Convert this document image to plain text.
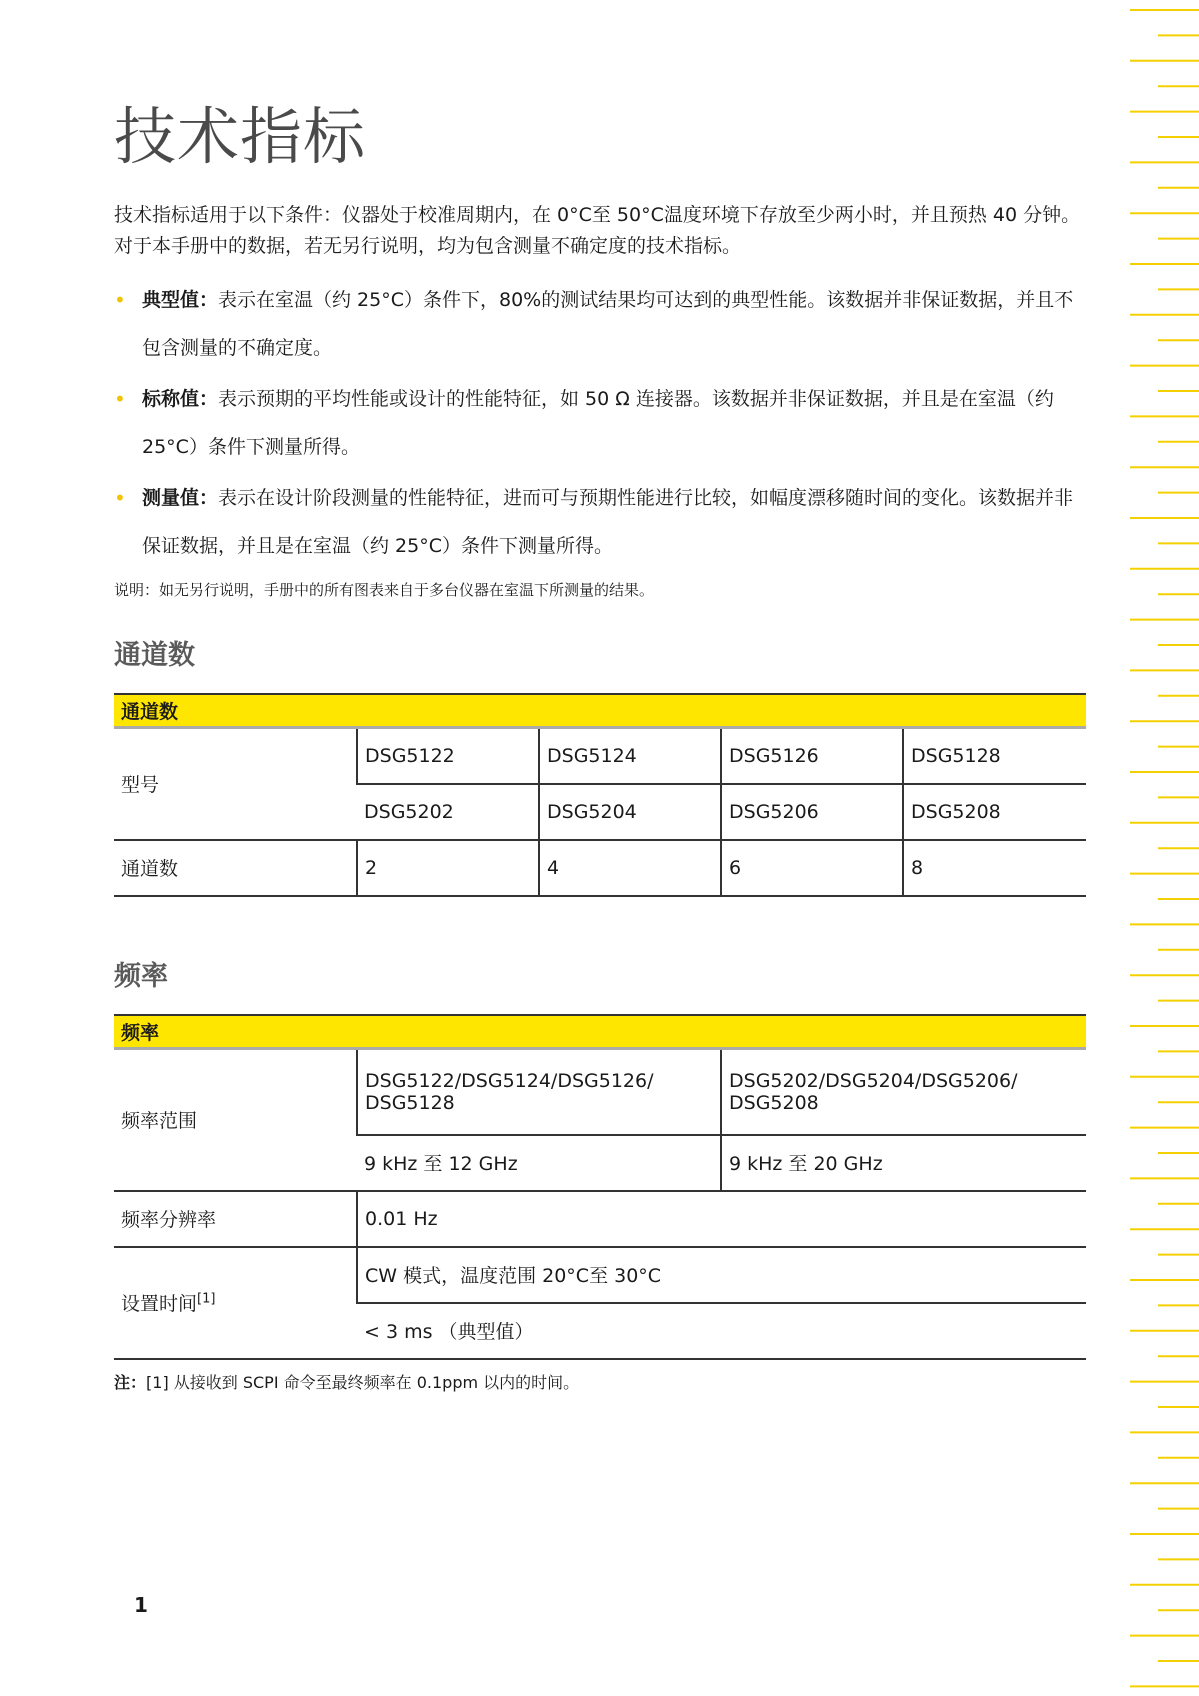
技术指标

技术指标适用于以下条件：仪器处于校准周期内，在 0°C至 50°C温度环境下存放至少两小时，并且预热 40 分钟。对于本手册中的数据，若无另行说明，均为包含测量不确定度的技术指标。

• 典型值：表示在室温（约 25°C）条件下，80%的测试结果均可达到的典型性能。该数据并非保证数据，并且不包含测量的不确定度。
• 标称值：表示预期的平均性能或设计的性能特征，如 50 Ω 连接器。该数据并非保证数据，并且是在室温（约 25°C）条件下测量所得。
• 测量值：表示在设计阶段测量的性能特征，进而可与预期性能进行比较，如幅度漂移随时间的变化。该数据并非保证数据，并且是在室温（约 25°C）条件下测量所得。

说明：如无另行说明，手册中的所有图表来自于多台仪器在室温下所测量的结果。

通道数
通道数				
型号	DSG5122	DSG5124	DSG5126	DSG5128
	DSG5202	DSG5204	DSG5206	DSG5208
通道数	2	4	6	8
频率
频率		
频率范围	DSG5122/DSG5124/DSG5126/ DSG5128	DSG5202/DSG5204/DSG5206/ DSG5208
	9 kHz 至 12 GHz	9 kHz 至 20 GHz
频率分辨率	0.01 Hz	
设置时间[1]	CW 模式，温度范围 20°C至 30°C	
	< 3 ms （典型值）	

注：[1] 从接收到 SCPI 命令至最终频率在 0.1ppm 以内的时间。

1
